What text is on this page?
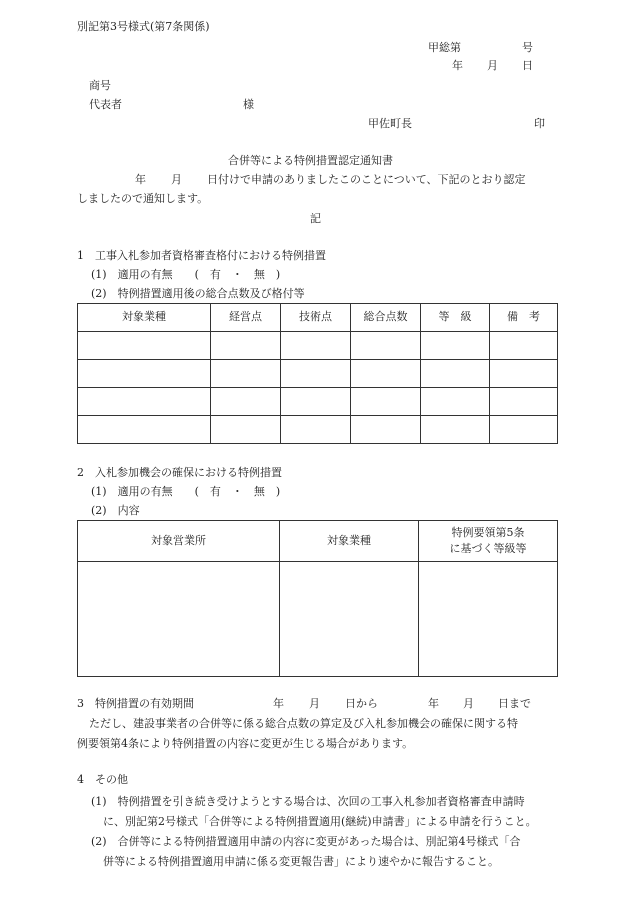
別記第3号様式(第7条関係)
甲総第	号
年 月 日
商号
代表者	様
甲佐町長	印
合併等による特例措置認定通知書
年 月 日付けで申請のありましたこのことについて、下記のとおり認定
しましたので通知します。
記
1　工事入札参加者資格審査格付における特例措置
(1)　適用の有無　　(　有　・　無　)
(2)　特例措置適用後の総合点数及び格付等
対象業種	経営点	技術点	総合点数	等　級	備　考

2　入札参加機会の確保における特例措置
(1)　適用の有無　　(　有　・　無　)
(2)　内容
対象営業所	対象業種	特例要領第5条
に基づく等級等

3　特例措置の有効期間	年 月 日から	年 月 日まで
ただし、建設事業者の合併等に係る総合点数の算定及び入札参加機会の確保に関する特
例要領第4条により特例措置の内容に変更が生じる場合があります。
4　その他
(1)　特例措置を引き続き受けようとする場合は、次回の工事入札参加者資格審査申請時
に、別記第2号様式「合併等による特例措置適用(継続)申請書」による申請を行うこと。
(2)　合併等による特例措置適用申請の内容に変更があった場合は、別記第4号様式「合
併等による特例措置適用申請に係る変更報告書」により速やかに報告すること。
